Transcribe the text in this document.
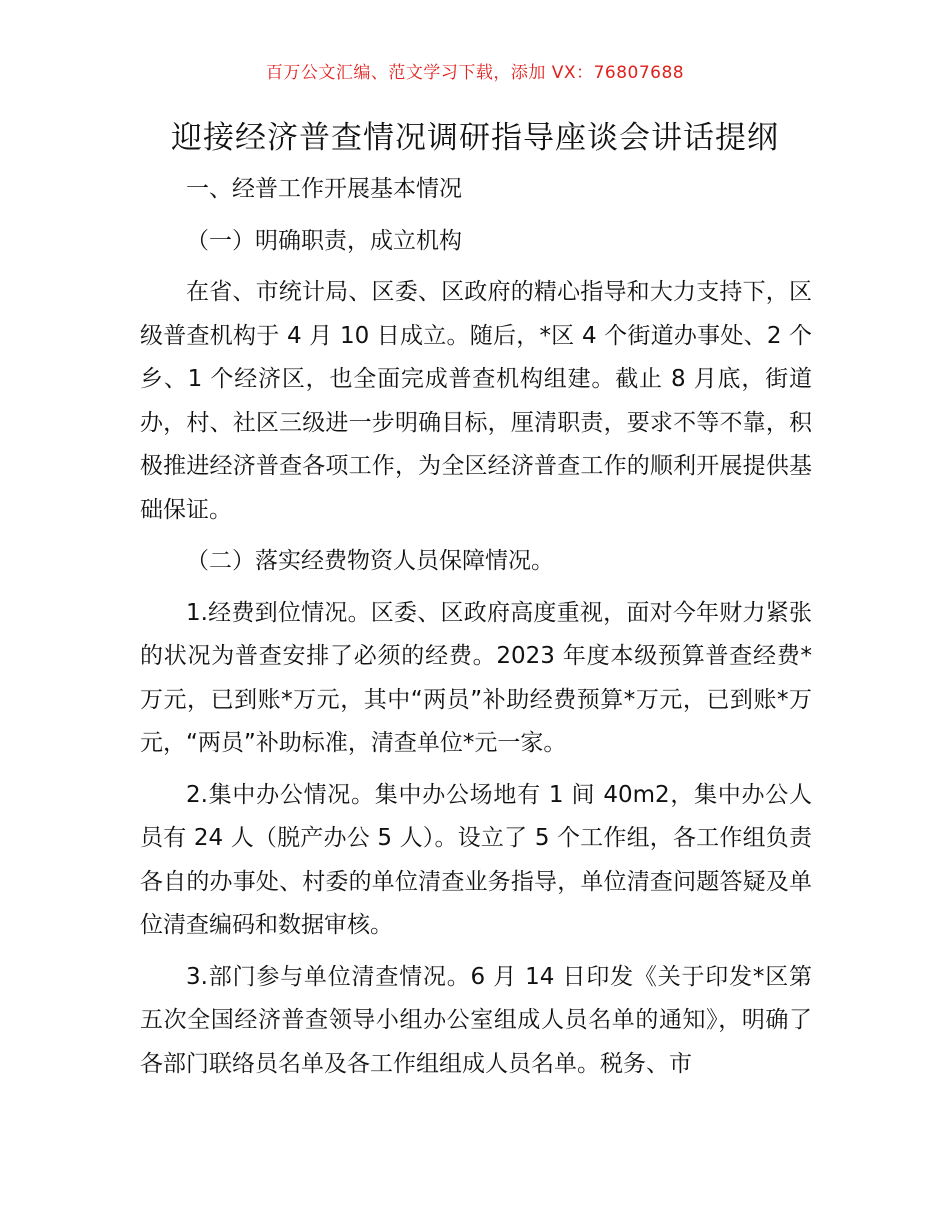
百万公文汇编、范文学习下载，添加 VX：76807688
迎接经济普查情况调研指导座谈会讲话提纲

一、经普工作开展基本情况

（一）明确职责，成立机构

在省、市统计局、区委、区政府的精心指导和大力支持下，区级普查机构于 4 月 10 日成立。随后，*区 4 个街道办事处、2 个乡、1 个经济区，也全面完成普查机构组建。截止 8 月底，街道办，村、社区三级进一步明确目标，厘清职责，要求不等不靠，积极推进经济普查各项工作，为全区经济普查工作的顺利开展提供基础保证。

（二）落实经费物资人员保障情况。

1.经费到位情况。区委、区政府高度重视，面对今年财力紧张的状况为普查安排了必须的经费。2023 年度本级预算普查经费*万元，已到账*万元，其中“两员”补助经费预算*万元，已到账*万元，“两员”补助标准，清查单位*元一家。

2.集中办公情况。集中办公场地有 1 间 40m2，集中办公人员有 24 人（脱产办公 5 人）。设立了 5 个工作组，各工作组负责各自的办事处、村委的单位清查业务指导，单位清查问题答疑及单位清查编码和数据审核。

3.部门参与单位清查情况。6 月 14 日印发《关于印发*区第五次全国经济普查领导小组办公室组成人员名单的通知》，明确了各部门联络员名单及各工作组组成人员名单。税务、市
